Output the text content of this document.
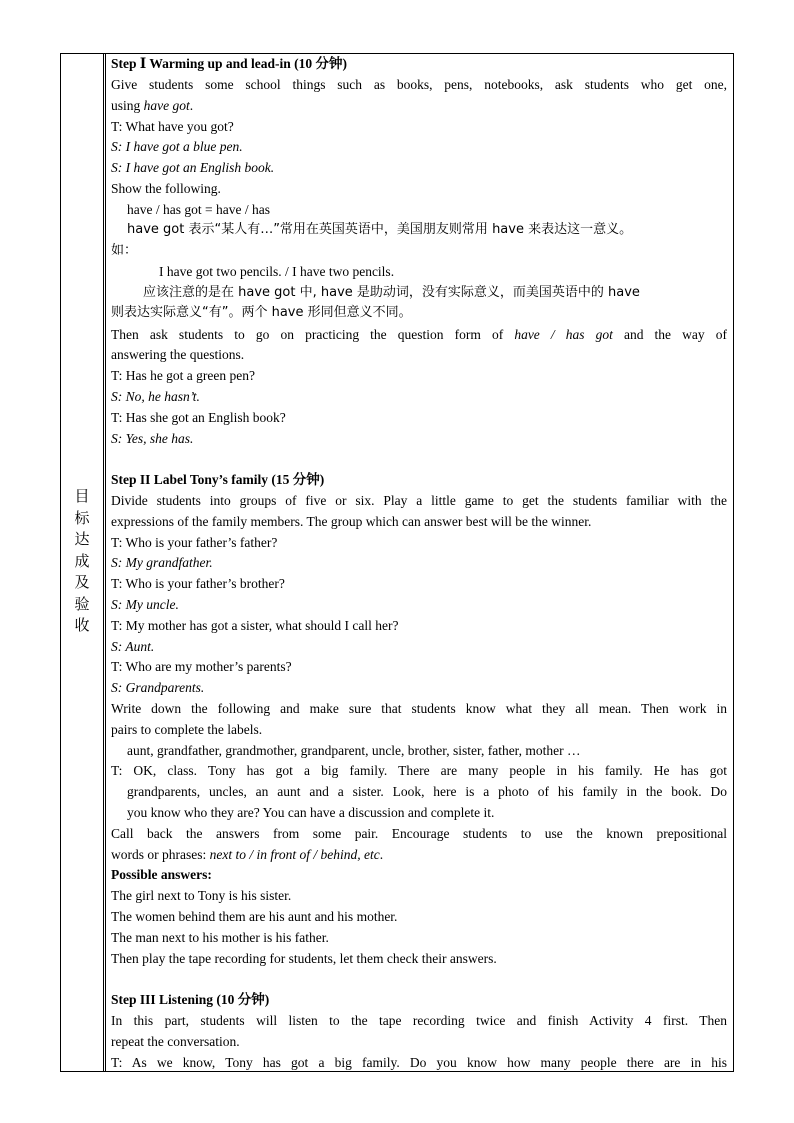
目
标
达
成
及
验
收
Step Ⅰ Warming up and lead-in (10 分钟)
Give students some school things such as books, pens, notebooks, ask students who get one,
using have got.
T: What have you got?
S: I have got a blue pen.
S: I have got an English book.
Show the following.
have / has got = have / has
have got 表示“某人有…”常用在英国英语中，美国朋友则常用 have 来表达这一意义。
如：
I have got two pencils. / I have two pencils.
应该注意的是在 have got 中, have 是助动词，没有实际意义，而美国英语中的 have
则表达实际意义“有”。两个 have 形同但意义不同。
Then ask students to go on practicing the question form of have / has got and the way of
answering the questions.
T: Has he got a green pen?
S: No, he hasn’t.
T: Has she got an English book?
S: Yes, she has.
Step II Label Tony’s family (15 分钟)
Divide students into groups of five or six. Play a little game to get the students familiar with the
expressions of the family members. The group which can answer best will be the winner.
T: Who is your father’s father?
S: My grandfather.
T: Who is your father’s brother?
S: My uncle.
T: My mother has got a sister, what should I call her?
S: Aunt.
T: Who are my mother’s parents?
S: Grandparents.
Write down the following and make sure that students know what they all mean. Then work in
pairs to complete the labels.
aunt, grandfather, grandmother, grandparent, uncle, brother, sister, father, mother …
T: OK, class. Tony has got a big family. There are many people in his family. He has got
grandparents, uncles, an aunt and a sister. Look, here is a photo of his family in the book. Do
you know who they are? You can have a discussion and complete it.
Call back the answers from some pair. Encourage students to use the known prepositional
words or phrases: next to / in front of / behind, etc.
Possible answers:
The girl next to Tony is his sister.
The women behind them are his aunt and his mother.
The man next to his mother is his father.
Then play the tape recording for students, let them check their answers.
Step III Listening (10 分钟)
In this part, students will listen to the tape recording twice and finish Activity 4 first. Then
repeat the conversation.
T: As we know, Tony has got a big family. Do you know how many people there are in his
